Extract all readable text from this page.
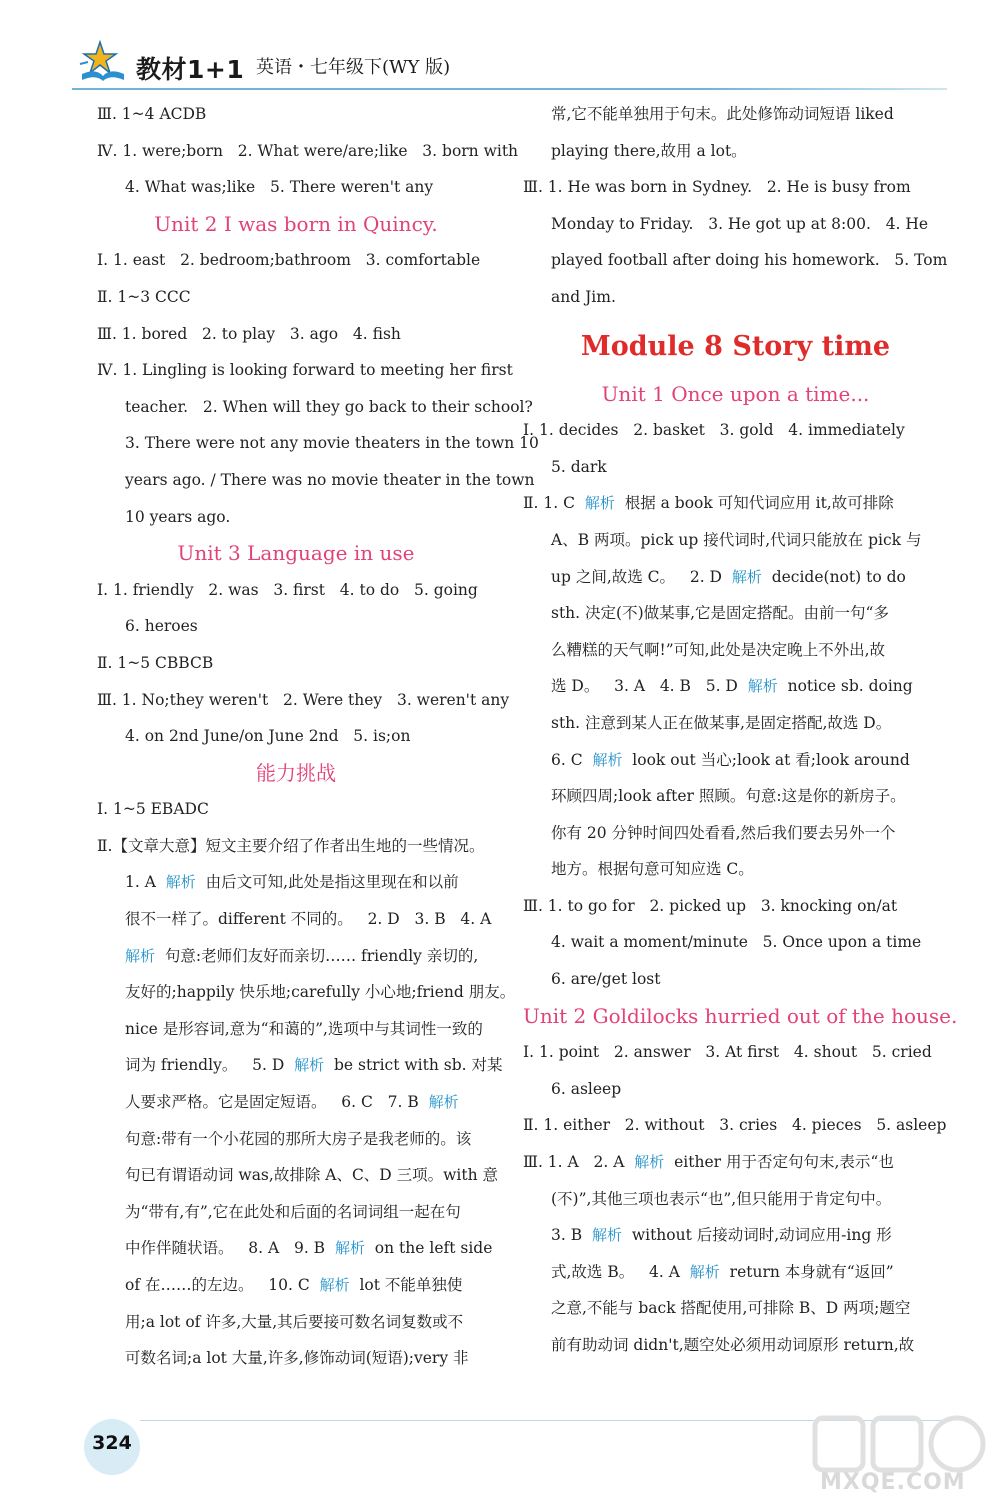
教材1+1 英语・七年级下(WY 版)
Ⅲ. 1~4 ACDB
Ⅳ. 1. were;born   2. What were/are;like   3. born with
4. What was;like   5. There weren't any
Unit 2 I was born in Quincy.
Ⅰ. 1. east   2. bedroom;bathroom   3. comfortable
Ⅱ. 1~3 CCC
Ⅲ. 1. bored   2. to play   3. ago   4. fish
Ⅳ. 1. Lingling is looking forward to meeting her first
teacher.   2. When will they go back to their school?
3. There were not any movie theaters in the town 10
years ago. / There was no movie theater in the town
10 years ago.
Unit 3 Language in use
Ⅰ. 1. friendly   2. was   3. first   4. to do   5. going
6. heroes
Ⅱ. 1~5 CBBCB
Ⅲ. 1. No;they weren't   2. Were they   3. weren't any
4. on 2nd June/on June 2nd   5. is;on
能力挑战
Ⅰ. 1~5 EBADC
Ⅱ.【文章大意】短文主要介绍了作者出生地的一些情况。
1. A  解析  由后文可知,此处是指这里现在和以前
很不一样了。different 不同的。   2. D   3. B   4. A
解析  句意:老师们友好而亲切…… friendly 亲切的,
友好的;happily 快乐地;carefully 小心地;friend 朋友。
nice 是形容词,意为“和蔼的”,选项中与其词性一致的
词为 friendly。   5. D  解析  be strict with sb. 对某
人要求严格。它是固定短语。   6. C   7. B  解析
句意:带有一个小花园的那所大房子是我老师的。该
句已有谓语动词 was,故排除 A、C、D 三项。with 意
为“带有,有”,它在此处和后面的名词词组一起在句
中作伴随状语。   8. A   9. B  解析  on the left side
of 在……的左边。   10. C  解析  lot 不能单独使
用;a lot of 许多,大量,其后要接可数名词复数或不
可数名词;a lot 大量,许多,修饰动词(短语);very 非
常,它不能单独用于句末。此处修饰动词短语 liked
playing there,故用 a lot。
Ⅲ. 1. He was born in Sydney.   2. He is busy from
Monday to Friday.   3. He got up at 8:00.   4. He
played football after doing his homework.   5. Tom
and Jim.
Module 8 Story time
Unit 1 Once upon a time...
Ⅰ. 1. decides   2. basket   3. gold   4. immediately
5. dark
Ⅱ. 1. C  解析  根据 a book 可知代词应用 it,故可排除
A、B 两项。pick up 接代词时,代词只能放在 pick 与
up 之间,故选 C。   2. D  解析  decide(not) to do
sth. 决定(不)做某事,它是固定搭配。由前一句“多
么糟糕的天气啊!”可知,此处是决定晚上不外出,故
选 D。   3. A   4. B   5. D  解析  notice sb. doing
sth. 注意到某人正在做某事,是固定搭配,故选 D。
6. C  解析  look out 当心;look at 看;look around
环顾四周;look after 照顾。句意:这是你的新房子。
你有 20 分钟时间四处看看,然后我们要去另外一个
地方。根据句意可知应选 C。
Ⅲ. 1. to go for   2. picked up   3. knocking on/at
4. wait a moment/minute   5. Once upon a time
6. are/get lost
Unit 2 Goldilocks hurried out of the house.
Ⅰ. 1. point   2. answer   3. At first   4. shout   5. cried
6. asleep
Ⅱ. 1. either   2. without   3. cries   4. pieces   5. asleep
Ⅲ. 1. A   2. A  解析  either 用于否定句句末,表示“也
(不)”,其他三项也表示“也”,但只能用于肯定句中。
3. B  解析  without 后接动词时,动词应用-ing 形
式,故选 B。   4. A  解析  return 本身就有“返回”
之意,不能与 back 搭配使用,可排除 B、D 两项;题空
前有助动词 didn't,题空处必须用动词原形 return,故
324
MXQE.COM
